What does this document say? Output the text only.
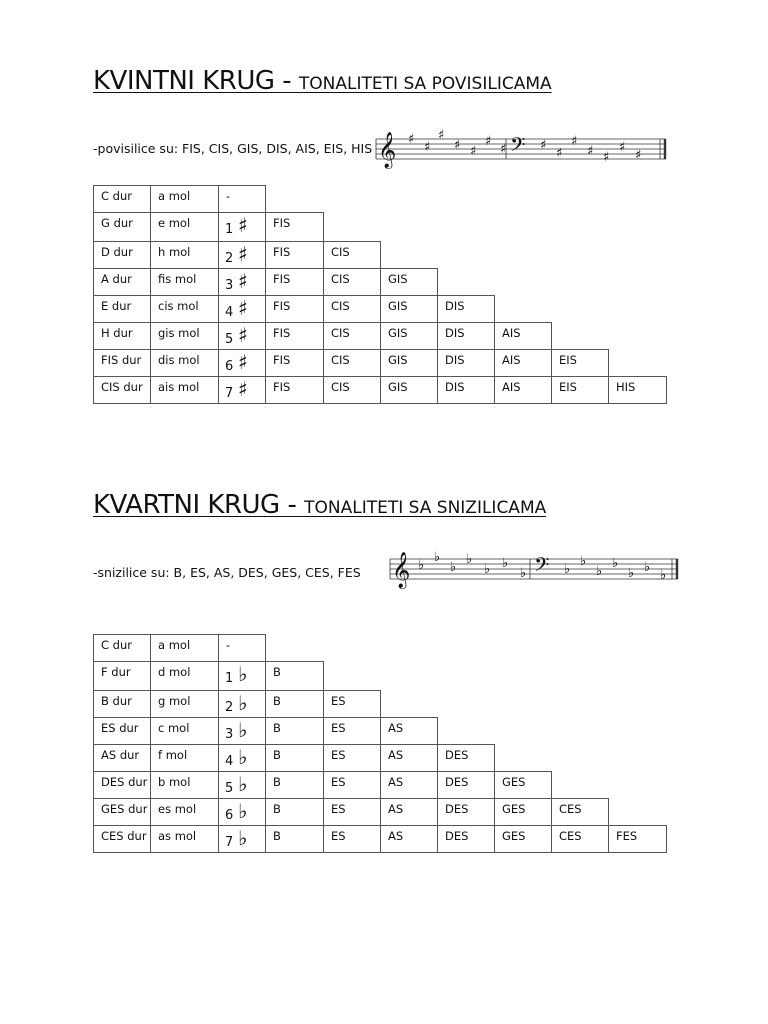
KVINTNI KRUG - TONALITETI SA POVISILICAMA
-povisilice su: FIS, CIS, GIS, DIS, AIS, EIS, HIS 𝄞	𝄢
♯
♯
♯
♯ ♯
♯
♯	♯
♯
♯
♯ ♯
♯
♯
C dur	a mol	-							
G dur	e mol	1 ♯	FIS						
D dur	h mol	2 ♯	FIS	CIS					
A dur	fis mol	3 ♯	FIS	CIS	GIS				
E dur	cis mol	4 ♯	FIS	CIS	GIS	DIS			
H dur	gis mol	5 ♯	FIS	CIS	GIS	DIS	AIS		
FIS dur	dis mol	6 ♯	FIS	CIS	GIS	DIS	AIS	EIS	
CIS dur	ais mol	7 ♯	FIS	CIS	GIS	DIS	AIS	EIS	HIS
KVARTNI KRUG - TONALITETI SA SNIZILICAMA
-snizilice su: B, ES, AS, DES, GES, CES, FES 𝄞	𝄢
♭
♭
♭
♭
♭ ♭
♭	♭
♭
♭
♭
♭ ♭
♭
C dur	a mol	-							
F dur	d mol	1 ♭	B						
B dur	g mol	2 ♭	B	ES					
ES dur	c mol	3 ♭	B	ES	AS				
AS dur	f mol	4 ♭	B	ES	AS	DES			
DES dur	b mol	5 ♭	B	ES	AS	DES	GES		
GES dur	es mol	6 ♭	B	ES	AS	DES	GES	CES	
CES dur	as mol	7 ♭	B	ES	AS	DES	GES	CES	FES
